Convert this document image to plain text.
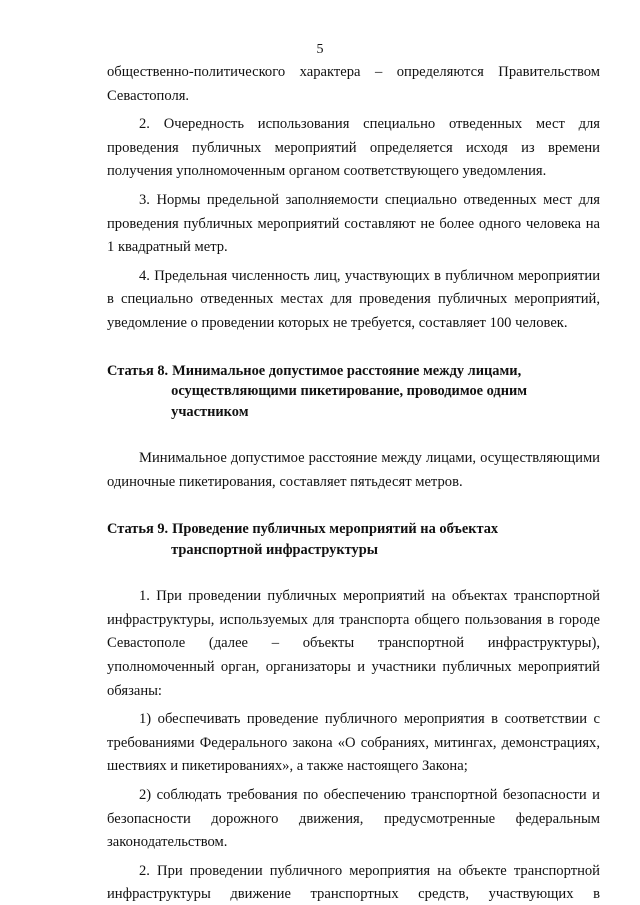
5

общественно-политического характера – определяются Правительством Севастополя.

2. Очередность использования специально отведенных мест для проведения публичных мероприятий определяется исходя из времени получения уполномоченным органом соответствующего уведомления.

3. Нормы предельной заполняемости специально отведенных мест для проведения публичных мероприятий составляют не более одного человека на 1 квадратный метр.

4. Предельная численность лиц, участвующих в публичном мероприятии в специально отведенных местах для проведения публичных мероприятий, уведомление о проведении которых не требуется, составляет 100 человек.

Статья 8. Минимальное допустимое расстояние между лицами,
осуществляющими пикетирование, проводимое одним
участником

Минимальное допустимое расстояние между лицами, осуществляющими одиночные пикетирования, составляет пятьдесят метров.

Статья 9. Проведение публичных мероприятий на объектах
транспортной инфраструктуры

1. При проведении публичных мероприятий на объектах транспортной инфраструктуры, используемых для транспорта общего пользования в городе Севастополе (далее – объекты транспортной инфраструктуры), уполномоченный орган, организаторы и участники публичных мероприятий обязаны:

1) обеспечивать проведение публичного мероприятия в соответствии с требованиями Федерального закона «О собраниях, митингах, демонстрациях, шествиях и пикетированиях», а также настоящего Закона;

2) соблюдать требования по обеспечению транспортной безопасности и безопасности дорожного движения, предусмотренные федеральным законодательством.

2. При проведении публичного мероприятия на объекте транспортной инфраструктуры движение транспортных средств, участвующих в
